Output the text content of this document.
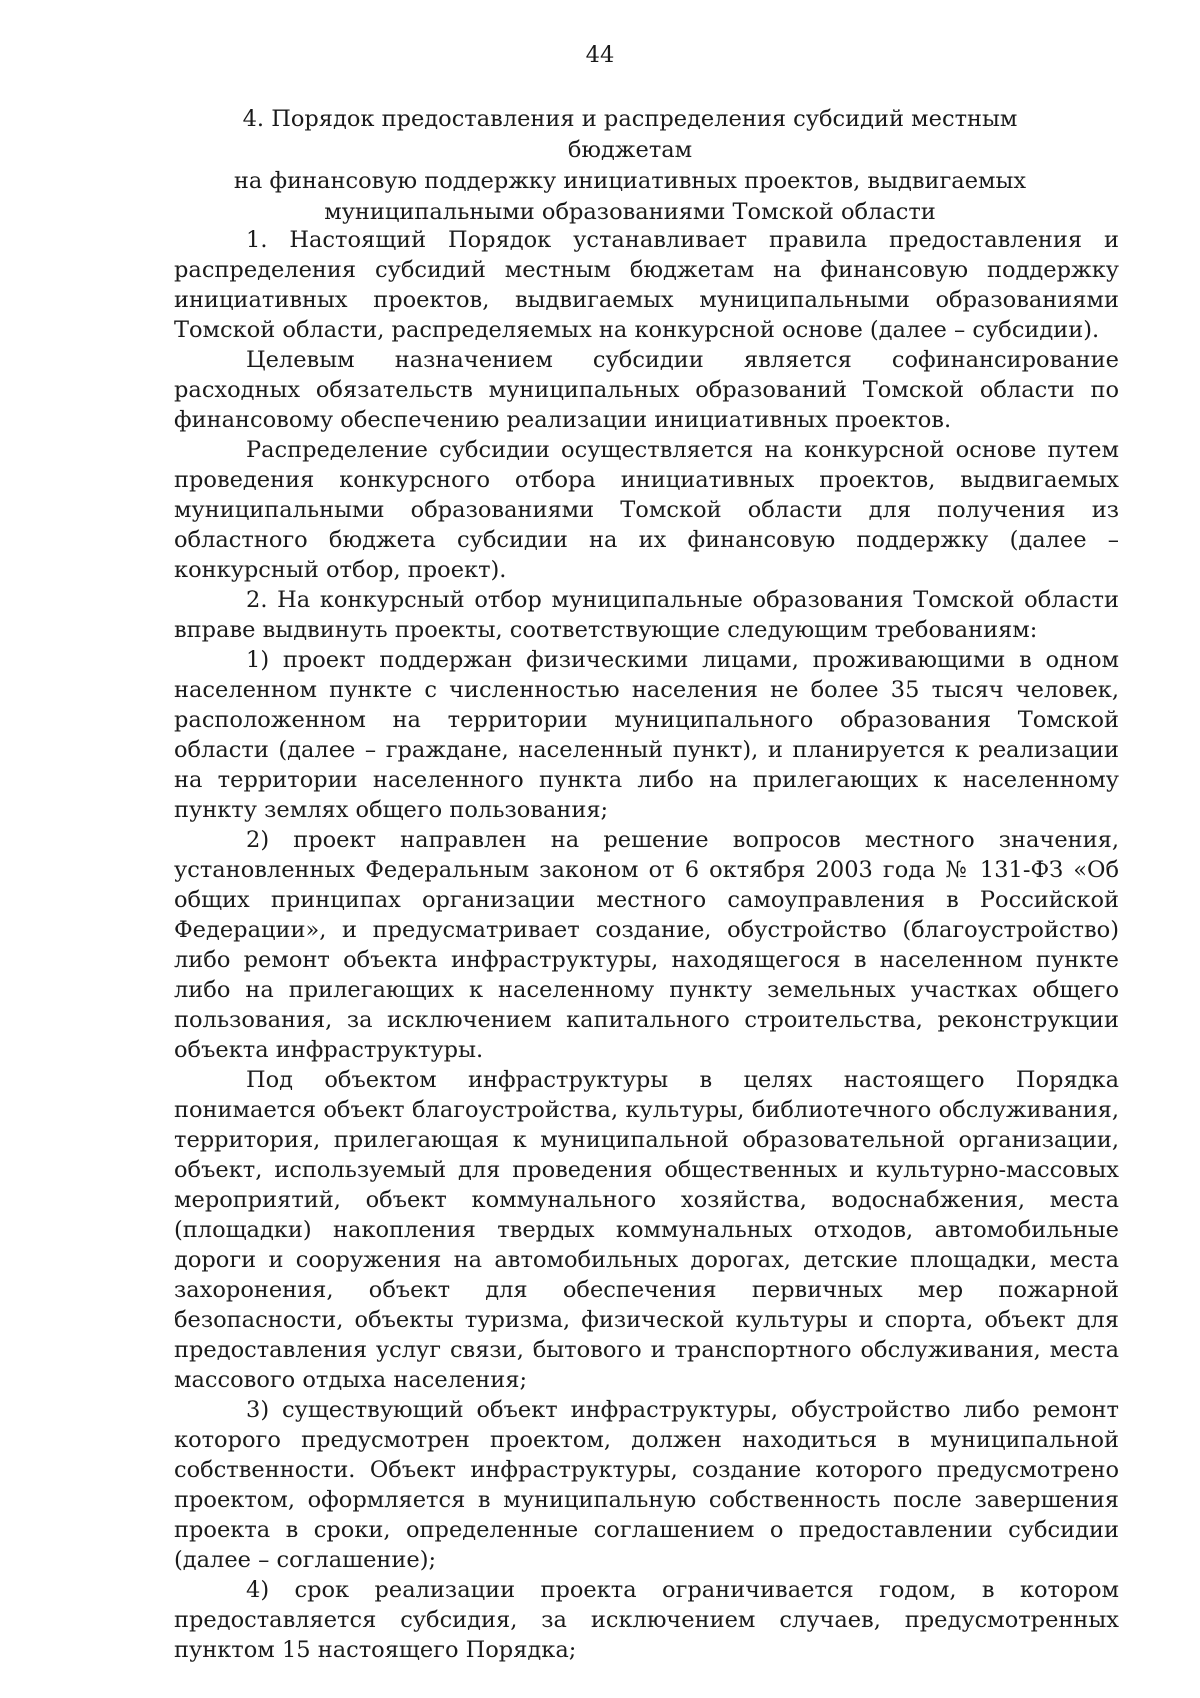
44
4. Порядок предоставления и распределения субсидий местным бюджетам
на финансовую поддержку инициативных проектов, выдвигаемых
муниципальными образованиями Томской области

1. Настоящий Порядок устанавливает правила предоставления и распределения субсидий местным бюджетам на финансовую поддержку инициативных проектов, выдвигаемых муниципальными образованиями Томской области, распределяемых на конкурсной основе (далее – субсидии).

Целевым назначением субсидии является софинансирование расходных обязательств муниципальных образований Томской области по финансовому обеспечению реализации инициативных проектов.

Распределение субсидии осуществляется на конкурсной основе путем проведения конкурсного отбора инициативных проектов, выдвигаемых муниципальными образованиями Томской области для получения из областного бюджета субсидии на их финансовую поддержку (далее – конкурсный отбор, проект).

2. На конкурсный отбор муниципальные образования Томской области вправе выдвинуть проекты, соответствующие следующим требованиям:

1) проект поддержан физическими лицами, проживающими в одном населенном пункте с численностью населения не более 35 тысяч человек, расположенном на территории муниципального образования Томской области (далее – граждане, населенный пункт), и планируется к реализации на территории населенного пункта либо на прилегающих к населенному пункту землях общего пользования;

2) проект направлен на решение вопросов местного значения, установленных Федеральным законом от 6 октября 2003 года № 131-ФЗ «Об общих принципах организации местного самоуправления в Российской Федерации», и предусматривает создание, обустройство (благоустройство) либо ремонт объекта инфраструктуры, находящегося в населенном пункте либо на прилегающих к населенному пункту земельных участках общего пользования, за исключением капитального строительства, реконструкции объекта инфраструктуры.

Под объектом инфраструктуры в целях настоящего Порядка понимается объект благоустройства, культуры, библиотечного обслуживания, территория, прилегающая к муниципальной образовательной организации, объект, используемый для проведения общественных и культурно-массовых мероприятий, объект коммунального хозяйства, водоснабжения, места (площадки) накопления твердых коммунальных отходов, автомобильные дороги и сооружения на автомобильных дорогах, детские площадки, места захоронения, объект для обеспечения первичных мер пожарной безопасности, объекты туризма, физической культуры и спорта, объект для предоставления услуг связи, бытового и транспортного обслуживания, места массового отдыха населения;

3) существующий объект инфраструктуры, обустройство либо ремонт которого предусмотрен проектом, должен находиться в муниципальной собственности. Объект инфраструктуры, создание которого предусмотрено проектом, оформляется в муниципальную собственность после завершения проекта в сроки, определенные соглашением о предоставлении субсидии (далее – соглашение);

4) срок реализации проекта ограничивается годом, в котором предоставляется субсидия, за исключением случаев, предусмотренных пунктом 15 настоящего Порядка;
